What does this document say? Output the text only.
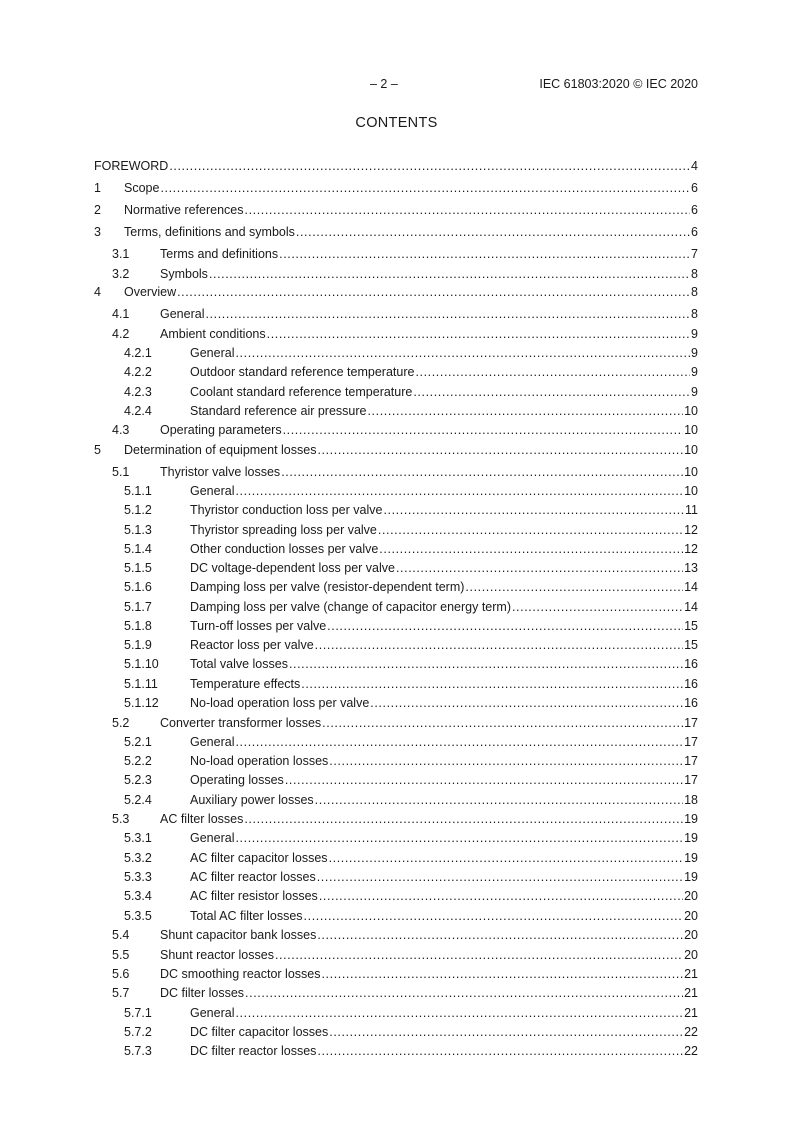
– 2 –	IEC 61803:2020 © IEC 2020
CONTENTS
FOREWORD .....	4
1	Scope .....	6
2	Normative references .....	6
3	Terms, definitions and symbols .....	6
3.1	Terms and definitions .....	7
3.2	Symbols .....	8
4	Overview .....	8
4.1	General .....	8
4.2	Ambient conditions .....	9
4.2.1	General .....	9
4.2.2	Outdoor standard reference temperature .....	9
4.2.3	Coolant standard reference temperature .....	9
4.2.4	Standard reference air pressure .....	10
4.3	Operating parameters .....	10
5	Determination of equipment losses .....	10
5.1	Thyristor valve losses .....	10
5.1.1	General .....	10
5.1.2	Thyristor conduction loss per valve .....	11
5.1.3	Thyristor spreading loss per valve .....	12
5.1.4	Other conduction losses per valve .....	12
5.1.5	DC voltage-dependent loss per valve .....	13
5.1.6	Damping loss per valve (resistor-dependent term) .....	14
5.1.7	Damping loss per valve (change of capacitor energy term) .....	14
5.1.8	Turn-off losses per valve .....	15
5.1.9	Reactor loss per valve .....	15
5.1.10	Total valve losses .....	16
5.1.11	Temperature effects .....	16
5.1.12	No-load operation loss per valve .....	16
5.2	Converter transformer losses .....	17
5.2.1	General .....	17
5.2.2	No-load operation losses .....	17
5.2.3	Operating losses .....	17
5.2.4	Auxiliary power losses .....	18
5.3	AC filter losses .....	19
5.3.1	General .....	19
5.3.2	AC filter capacitor losses .....	19
5.3.3	AC filter reactor losses .....	19
5.3.4	AC filter resistor losses .....	20
5.3.5	Total AC filter losses .....	20
5.4	Shunt capacitor bank losses .....	20
5.5	Shunt reactor losses .....	20
5.6	DC smoothing reactor losses .....	21
5.7	DC filter losses .....	21
5.7.1	General .....	21
5.7.2	DC filter capacitor losses .....	22
5.7.3	DC filter reactor losses .....	22
